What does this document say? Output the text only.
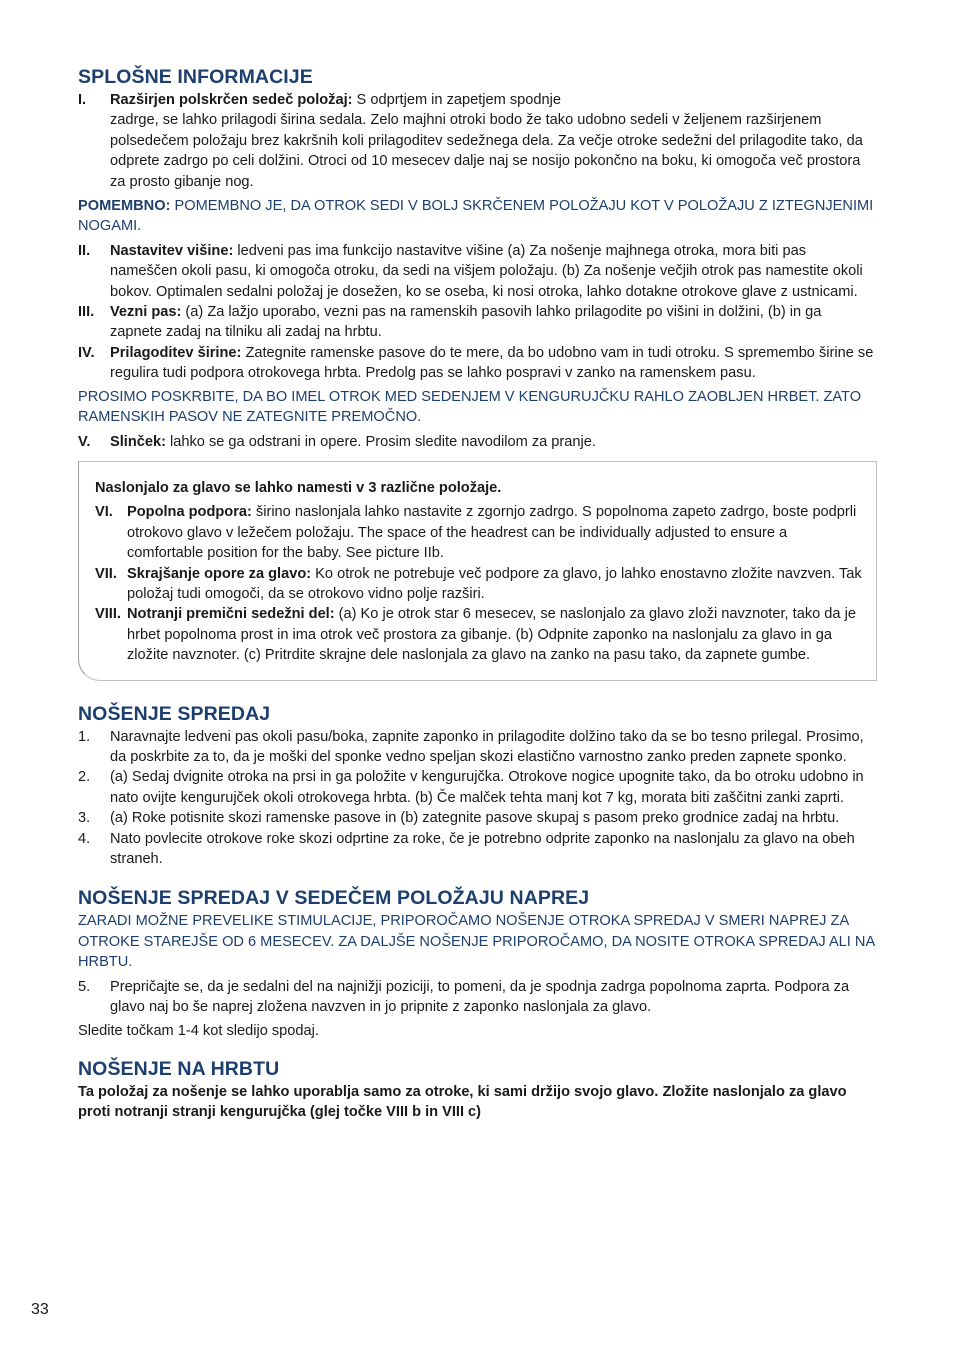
SPLOŠNE INFORMACIJE
I.	Razširjen polskrčen sedeč položaj: S odprtjem in zapetjem spodnje
zadrge, se lahko prilagodi širina sedala. Zelo majhni otroki bodo že tako udobno sedeli v željenem razširjenem polsedečem položaju brez kakršnih koli prilagoditev sedežnega dela. Za večje otroke sedežni del prilagodite tako, da odprete zadrgo po celi dolžini. Otroci od 10 mesecev dalje naj se nosijo pokončno na boku, ki omogoča več prostora za prosto gibanje nog.

POMEMBNO: POMEMBNO JE, DA OTROK SEDI V BOLJ SKRČENEM POLOŽAJU KOT V POLOŽAJU Z IZTEGNJENIMI NOGAMI.

II.	Nastavitev višine: ledveni pas ima funkcijo nastavitve višine (a) Za nošenje majhnega otroka, mora biti pas nameščen okoli pasu, ki omogoča otroku, da sedi na višjem položaju. (b) Za nošenje večjih otrok pas namestite okoli bokov. Optimalen sedalni položaj je dosežen, ko se oseba, ki nosi otroka, lahko dotakne otrokove glave z ustnicami.
III.	Vezni pas: (a) Za lažjo uporabo, vezni pas na ramenskih pasovih lahko prilagodite po višini in dolžini, (b) in ga zapnete zadaj na tilniku ali zadaj na hrbtu.
IV.	Prilagoditev širine: Zategnite ramenske pasove do te mere, da bo udobno vam in tudi otroku. S spremembo širine se regulira tudi podpora otrokovega hrbta. Predolg pas se lahko pospravi v zanko na ramenskem pasu.

PROSIMO POSKRBITE, DA BO IMEL OTROK MED SEDENJEM V KENGURUJČKU RAHLO ZAOBLJEN HRBET. ZATO RAMENSKIH PASOV NE ZATEGNITE PREMOČNO.

V.	Slinček: lahko se ga odstrani in opere. Prosim sledite navodilom za pranje.
Naslonjalo za glavo se lahko namesti v 3 različne položaje.
VI. Popolna podpora: širino naslonjala lahko nastavite z zgornjo zadrgo. S popolnoma zapeto zadrgo, boste podprli otrokovo glavo v ležečem položaju. The space of the headrest can be individually adjusted to ensure a comfortable position for the baby. See picture IIb.
VII. Skrajšanje opore za glavo: Ko otrok ne potrebuje več podpore za glavo, jo lahko enostavno zložite navzven. Tak položaj tudi omogoči, da se otrokovo vidno polje razširi.
VIII. Notranji premični sedežni del: (a) Ko je otrok star 6 mesecev, se naslonjalo za glavo zloži navznoter, tako da je hrbet popolnoma prost in ima otrok več prostora za gibanje. (b) Odpnite zaponko na naslonjalu za glavo in ga zložite navznoter. (c) Pritrdite skrajne dele naslonjala za glavo na zanko na pasu tako, da zapnete gumbe.
NOŠENJE SPREDAJ
1.	Naravnajte ledveni pas okoli pasu/boka, zapnite zaponko in prilagodite dolžino tako da se bo tesno prilegal. Prosimo, da poskrbite za to, da je moški del sponke vedno speljan skozi elastično varnostno zanko preden zapnete sponko.
2.	(a) Sedaj dvignite otroka na prsi in ga položite v kengurujčka. Otrokove nogice upognite tako, da bo otroku udobno in nato ovijte kengurujček okoli otrokovega hrbta. (b) Če malček tehta manj kot 7 kg, morata biti zaščitni zanki zaprti.
3.	(a) Roke potisnite skozi ramenske pasove in (b) zategnite pasove skupaj s pasom preko grodnice zadaj na hrbtu.
4.	Nato povlecite otrokove roke skozi odprtine za roke, če je potrebno odprite zaponko na naslonjalu za glavo na obeh straneh.
NOŠENJE SPREDAJ V SEDEČEM POLOŽAJU NAPREJ

ZARADI MOŽNE PREVELIKE STIMULACIJE, PRIPOROČAMO NOŠENJE OTROKA SPREDAJ V SMERI NAPREJ ZA OTROKE STAREJŠE OD 6 MESECEV. ZA DALJŠE NOŠENJE PRIPOROČAMO, DA NOSITE OTROKA SPREDAJ ALI NA HRBTU.

5.	Prepričajte se, da je sedalni del na najnižji poziciji, to pomeni, da je spodnja zadrga popolnoma zaprta. Podpora za glavo naj bo še naprej zložena navzven in jo pripnite z zaponko naslonjala za glavo.

Sledite točkam 1-4 kot sledijo spodaj.

NOŠENJE NA HRBTU

Ta položaj za nošenje se lahko uporablja samo za otroke, ki sami držijo svojo glavo. Zložite naslonjalo za glavo proti notranji stranji kengurujčka (glej točke VIII b in VIII c)

33
